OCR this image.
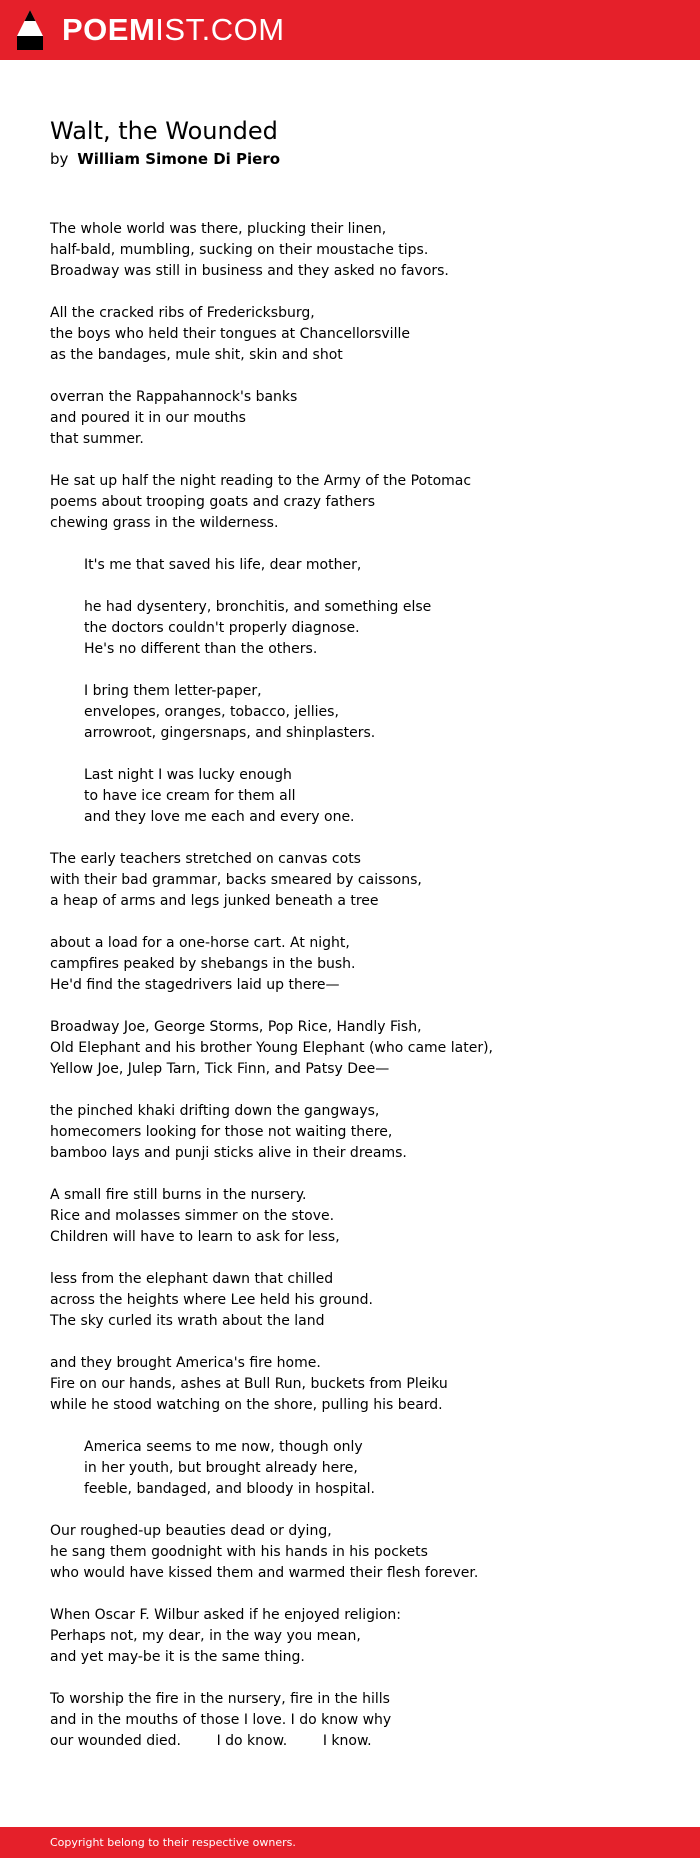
POEMIST.COM
Walt, the Wounded
by William Simone Di Piero
The whole world was there, plucking their linen,
half-bald, mumbling, sucking on their moustache tips.
Broadway was still in business and they asked no favors.
All the cracked ribs of Fredericksburg,
the boys who held their tongues at Chancellorsville
as the bandages, mule shit, skin and shot
overran the Rappahannock's banks
and poured it in our mouths
that summer.
He sat up half the night reading to the Army of the Potomac
poems about trooping goats and crazy fathers
chewing grass in the wilderness.
It's me that saved his life, dear mother,
he had dysentery, bronchitis, and something else
the doctors couldn't properly diagnose.
He's no different than the others.
I bring them letter-paper,
envelopes, oranges, tobacco, jellies,
arrowroot, gingersnaps, and shinplasters.
Last night I was lucky enough
to have ice cream for them all
and they love me each and every one.
The early teachers stretched on canvas cots
with their bad grammar, backs smeared by caissons,
a heap of arms and legs junked beneath a tree
about a load for a one-horse cart. At night,
campfires peaked by shebangs in the bush.
He'd find the stagedrivers laid up there—
Broadway Joe, George Storms, Pop Rice, Handly Fish,
Old Elephant and his brother Young Elephant (who came later),
Yellow Joe, Julep Tarn, Tick Finn, and Patsy Dee—
the pinched khaki drifting down the gangways,
homecomers looking for those not waiting there,
bamboo lays and punji sticks alive in their dreams.
A small fire still burns in the nursery.
Rice and molasses simmer on the stove.
Children will have to learn to ask for less,
less from the elephant dawn that chilled
across the heights where Lee held his ground.
The sky curled its wrath about the land
and they brought America's fire home.
Fire on our hands, ashes at Bull Run, buckets from Pleiku
while he stood watching on the shore, pulling his beard.
America seems to me now, though only
in her youth, but brought already here,
feeble, bandaged, and bloody in hospital.
Our roughed-up beauties dead or dying,
he sang them goodnight with his hands in his pockets
who would have kissed them and warmed their flesh forever.
When Oscar F. Wilbur asked if he enjoyed religion:
Perhaps not, my dear, in the way you mean,
and yet may-be it is the same thing.
To worship the fire in the nursery, fire in the hills
and in the mouths of those I love. I do know why
our wounded died.        I do know.        I know.
Copyright belong to their respective owners.
